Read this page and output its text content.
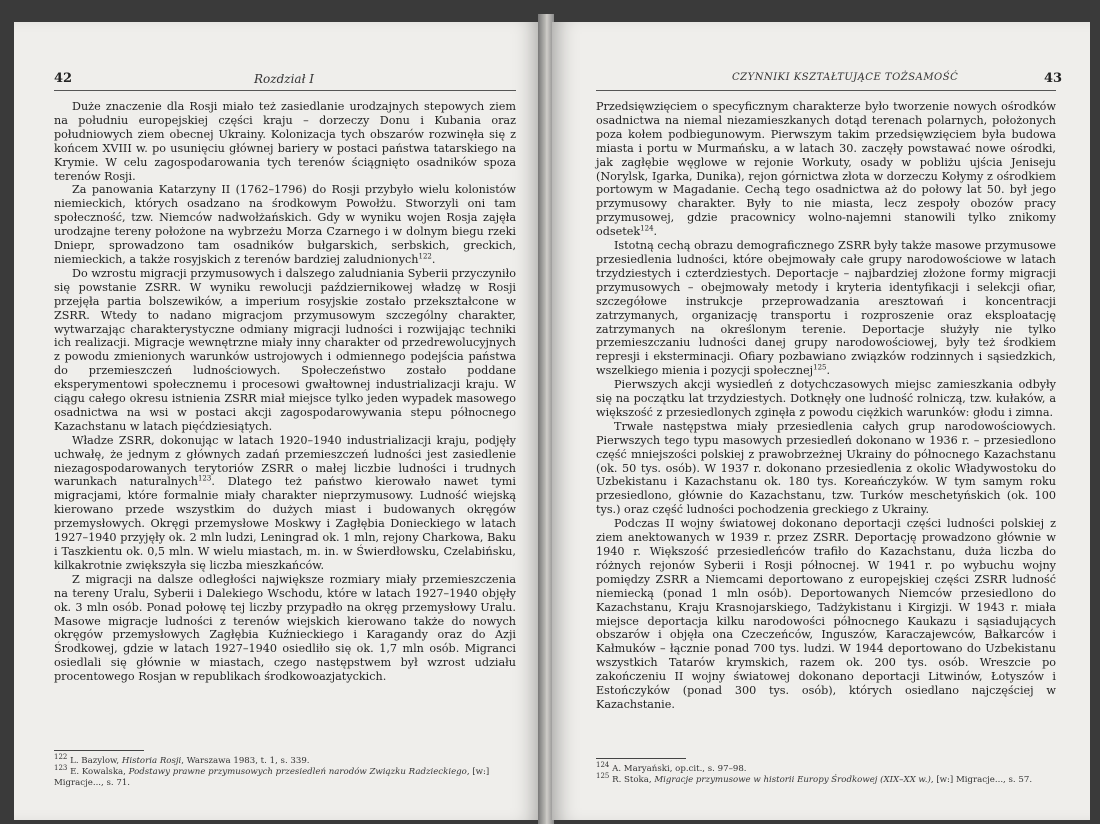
42	Rozdział I

Duże znaczenie dla Rosji miało też zasiedlanie urodzajnych stepowych ziem na południu europejskiej części kraju – dorzeczy Donu i Kubania oraz południowych ziem obecnej Ukrainy. Kolonizacja tych obszarów rozwinęła się z końcem XVIII w. po usunięciu głównej bariery w postaci państwa tatarskiego na Krymie. W celu zagospodarowania tych terenów ściągnięto osadników spoza terenów Rosji.

Za panowania Katarzyny II (1762–1796) do Rosji przybyło wielu kolonistów niemieckich, których osadzano na środkowym Powołżu. Stworzyli oni tam społeczność, tzw. Niemców nadwołżańskich. Gdy w wyniku wojen Rosja zajęła urodzajne tereny położone na wybrzeżu Morza Czarnego i w dolnym biegu rzeki Dniepr, sprowadzono tam osadników bułgarskich, serbskich, greckich, niemieckich, a także rosyjskich z terenów bardziej zaludnionych$^{122}$.

Do wzrostu migracji przymusowych i dalszego zaludniania Syberii przyczyniło się powstanie ZSRR. W wyniku rewolucji październikowej władzę w Rosji przejęła partia bolszewików, a imperium rosyjskie zostało przekształcone w ZSRR. Wtedy to nadano migracjom przymusowym szczególny charakter, wytwarzając charakterystyczne odmiany migracji ludności i rozwijając techniki ich realizacji. Migracje wewnętrzne miały inny charakter od przedrewolucyjnych z powodu zmienionych warunków ustrojowych i odmiennego podejścia państwa do przemieszczeń ludnościowych. Społeczeństwo zostało poddane eksperymentowi społecznemu i procesowi gwałtownej industrializacji kraju. W ciągu całego okresu istnienia ZSRR miał miejsce tylko jeden wypadek masowego osadnictwa na wsi w postaci akcji zagospodarowywania stepu północnego Kazachstanu w latach pięćdziesiątych.

Władze ZSRR, dokonując w latach 1920–1940 industrializacji kraju, podjęły uchwałę, że jednym z głównych zadań przemieszczeń ludności jest zasiedlenie niezagospodarowanych terytoriów ZSRR o małej liczbie ludności i trudnych warunkach naturalnych$^{123}$. Dlatego też państwo kierowało nawet tymi migracjami, które formalnie miały charakter nieprzymusowy. Ludność wiejską kierowano przede wszystkim do dużych miast i budowanych okręgów przemysłowych. Okręgi przemysłowe Moskwy i Zagłębia Donieckiego w latach 1927–1940 przyjęły ok. 2 mln ludzi, Leningrad ok. 1 mln, rejony Charkowa, Baku i Taszkientu ok. 0,5 mln. W wielu miastach, m. in. w Świerdłowsku, Czelabińsku, kilkakrotnie zwiększyła się liczba mieszkańców.

Z migracji na dalsze odległości największe rozmiary miały przemieszczenia na tereny Uralu, Syberii i Dalekiego Wschodu, które w latach 1927–1940 objęły ok. 3 mln osób. Ponad połowę tej liczby przypadło na okręg przemysłowy Uralu. Masowe migracje ludności z terenów wiejskich kierowano także do nowych okręgów przemysłowych Zagłębia Kuźnieckiego i Karagandy oraz do Azji Środkowej, gdzie w latach 1927–1940 osiedliło się ok. 1,7 mln osób. Migranci osiedlali się głównie w miastach, czego następstwem był wzrost udziału procentowego Rosjan w republikach środkowoazjatyckich.

$^{122}$ L. Bazylow, Historia Rosji, Warszawa 1983, t. 1, s. 339.
$^{123}$ E. Kowalska, Podstawy prawne przymusowych przesiedleń narodów Związku Radzieckiego, [w:] Migracje..., s. 71.
CZYNNIKI KSZTAŁTUJĄCE TOŻSAMOŚĆ	43

Przedsięwzięciem o specyficznym charakterze było tworzenie nowych ośrodków osadnictwa na niemal niezamieszkanych dotąd terenach polarnych, położonych poza kołem podbiegunowym. Pierwszym takim przedsięwzięciem była budowa miasta i portu w Murmańsku, a w latach 30. zaczęły powstawać nowe ośrodki, jak zagłębie węglowe w rejonie Workuty, osady w pobliżu ujścia Jeniseju (Norylsk, Igarka, Dunika), rejon górnictwa złota w dorzeczu Kołymy z ośrodkiem portowym w Magadanie. Cechą tego osadnictwa aż do połowy lat 50. był jego przymusowy charakter. Były to nie miasta, lecz zespoły obozów pracy przymusowej, gdzie pracownicy wolno-najemni stanowili tylko znikomy odsetek$^{124}$.

Istotną cechą obrazu demograficznego ZSRR były także masowe przymusowe przesiedlenia ludności, które obejmowały całe grupy narodowościowe w latach trzydziestych i czterdziestych. Deportacje – najbardziej złożone formy migracji przymusowych – obejmowały metody i kryteria identyfikacji i selekcji ofiar, szczegółowe instrukcje przeprowadzania aresztowań i koncentracji zatrzymanych, organizację transportu i rozproszenie oraz eksploatację zatrzymanych na określonym terenie. Deportacje służyły nie tylko przemieszczaniu ludności danej grupy narodowościowej, były też środkiem represji i eksterminacji. Ofiary pozbawiano związków rodzinnych i sąsiedzkich, wszelkiego mienia i pozycji społecznej$^{125}$.

Pierwszych akcji wysiedleń z dotychczasowych miejsc zamieszkania odbyły się na początku lat trzydziestych. Dotknęły one ludność rolniczą, tzw. kułaków, a większość z przesiedlonych zginęła z powodu ciężkich warunków: głodu i zimna.

Trwałe następstwa miały przesiedlenia całych grup narodowościowych. Pierwszych tego typu masowych przesiedleń dokonano w 1936 r. – przesiedlono część mniejszości polskiej z prawobrzeżnej Ukrainy do północnego Kazachstanu (ok. 50 tys. osób). W 1937 r. dokonano przesiedlenia z okolic Władywostoku do Uzbekistanu i Kazachstanu ok. 180 tys. Koreańczyków. W tym samym roku przesiedlono, głównie do Kazachstanu, tzw. Turków meschetyńskich (ok. 100 tys.) oraz część ludności pochodzenia greckiego z Ukrainy.

Podczas II wojny światowej dokonano deportacji części ludności polskiej z ziem anektowanych w 1939 r. przez ZSRR. Deportację prowadzono głównie w 1940 r. Większość przesiedleńców trafiło do Kazachstanu, duża liczba do różnych rejonów Syberii i Rosji północnej. W 1941 r. po wybuchu wojny pomiędzy ZSRR a Niemcami deportowano z europejskiej części ZSRR ludność niemiecką (ponad 1 mln osób). Deportowanych Niemców przesiedlono do Kazachstanu, Kraju Krasnojarskiego, Tadżykistanu i Kirgizji. W 1943 r. miała miejsce deportacja kilku narodowości północnego Kaukazu i sąsiadujących obszarów i objęła ona Czeczeńców, Inguszów, Karaczajewców, Bałkarców i Kałmuków – łącznie ponad 700 tys. ludzi. W 1944 deportowano do Uzbekistanu wszystkich Tatarów krymskich, razem ok. 200 tys. osób. Wreszcie po zakończeniu II wojny światowej dokonano deportacji Litwinów, Łotyszów i Estończyków (ponad 300 tys. osób), których osiedlano najczęściej w Kazachstanie.

$^{124}$ A. Maryański, op.cit., s. 97–98.
$^{125}$ R. Stoka, Migracje przymusowe w historii Europy Środkowej (XIX–XX w.), [w:] Migracje..., s. 57.
